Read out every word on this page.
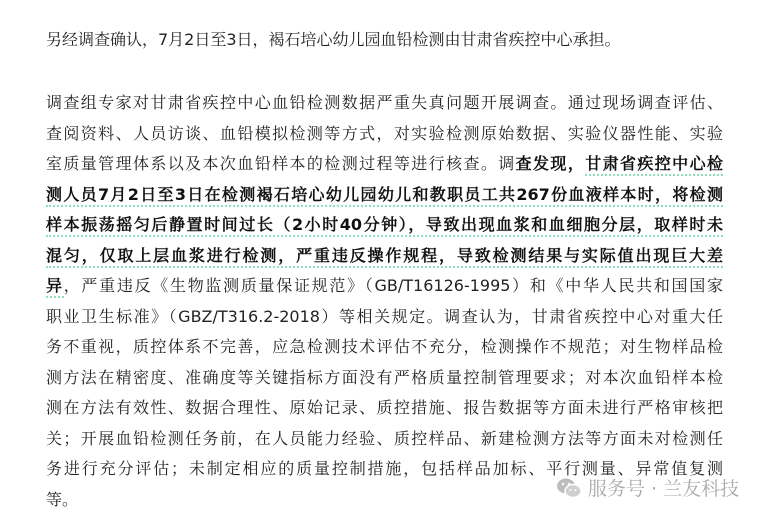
另经调查确认，7月2日至3日，褐石培心幼儿园血铅检测由甘肃省疾控中心承担。
调查组专家对甘肃省疾控中心血铅检测数据严重失真问题开展调查。通过现场调查评估、
查阅资料、人员访谈、血铅模拟检测等方式，对实验检测原始数据、实验仪器性能、实验
室质量管理体系以及本次血铅样本的检测过程等进行核查。调查发现，甘肃省疾控中心检
测人员7月2日至3日在检测褐石培心幼儿园幼儿和教职员工共267份血液样本时，将检测
样本振荡摇匀后静置时间过长（2小时40分钟），导致出现血浆和血细胞分层，取样时未
混匀，仅取上层血浆进行检测，严重违反操作规程，导致检测结果与实际值出现巨大差
异，严重违反《生物监测质量保证规范》（GB/T16126-1995）和《中华人民共和国国家
职业卫生标准》（GBZ/T316.2-2018）等相关规定。调查认为，甘肃省疾控中心对重大任
务不重视，质控体系不完善，应急检测技术评估不充分，检测操作不规范；对生物样品检
测方法在精密度、准确度等关键指标方面没有严格质量控制管理要求；对本次血铅样本检
测在方法有效性、数据合理性、原始记录、质控措施、报告数据等方面未进行严格审核把
关；开展血铅检测任务前，在人员能力经验、质控样品、新建检测方法等方面未对检测任
务进行充分评估；未制定相应的质量控制措施，包括样品加标、平行测量、异常值复测
等。	服务号 · 兰友科技
